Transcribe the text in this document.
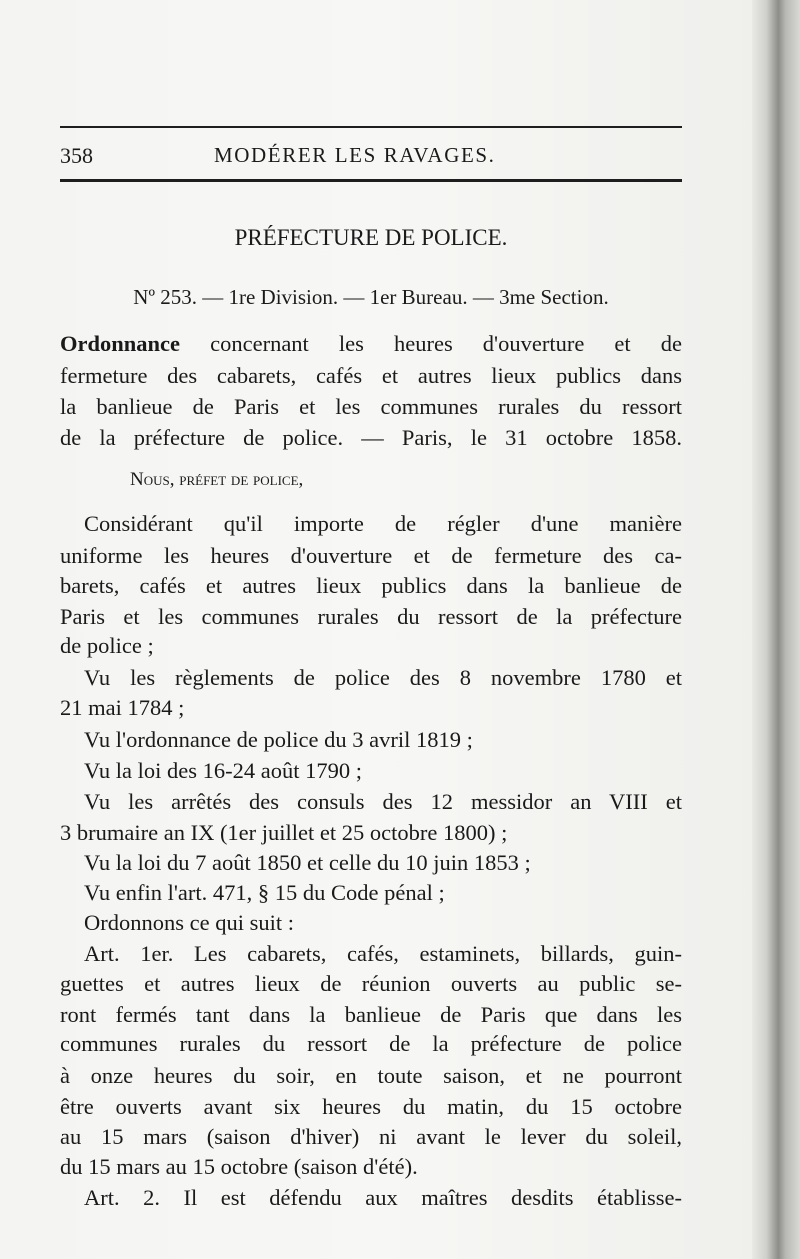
358	MODÉRER LES RAVAGES.
PRÉFECTURE DE POLICE.
Nº 253. — 1re Division. — 1er Bureau. — 3me Section.
Ordonnance concernant les heures d'ouverture et de
fermeture des cabarets, cafés et autres lieux publics dans
la banlieue de Paris et les communes rurales du ressort
de la préfecture de police. — Paris, le 31 octobre 1858.
Nous, préfet de police,
Considérant qu'il importe de régler d'une manière
uniforme les heures d'ouverture et de fermeture des ca-
barets, cafés et autres lieux publics dans la banlieue de
Paris et les communes rurales du ressort de la préfecture
de police ;
Vu les règlements de police des 8 novembre 1780 et
21 mai 1784 ;
Vu l'ordonnance de police du 3 avril 1819 ;
Vu la loi des 16-24 août 1790 ;
Vu les arrêtés des consuls des 12 messidor an VIII et
3 brumaire an IX (1er juillet et 25 octobre 1800) ;
Vu la loi du 7 août 1850 et celle du 10 juin 1853 ;
Vu enfin l'art. 471, § 15 du Code pénal ;
Ordonnons ce qui suit :
Art. 1er. Les cabarets, cafés, estaminets, billards, guin-
guettes et autres lieux de réunion ouverts au public se-
ront fermés tant dans la banlieue de Paris que dans les
communes rurales du ressort de la préfecture de police
à onze heures du soir, en toute saison, et ne pourront
être ouverts avant six heures du matin, du 15 octobre
au 15 mars (saison d'hiver) ni avant le lever du soleil,
du 15 mars au 15 octobre (saison d'été).
Art. 2. Il est défendu aux maîtres desdits établisse-
